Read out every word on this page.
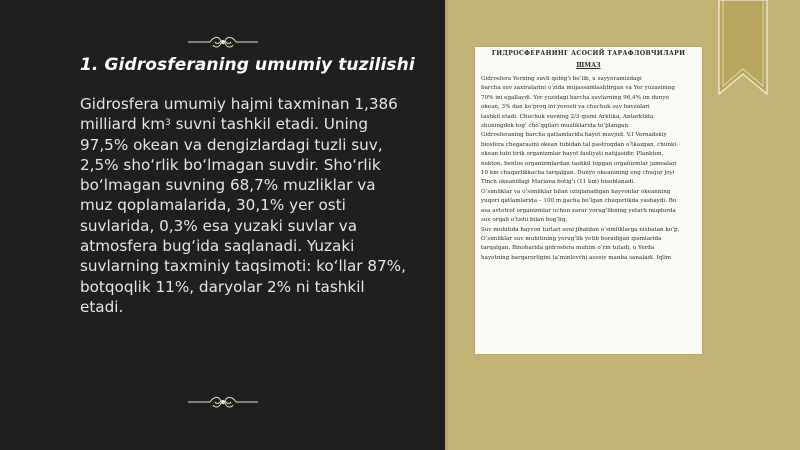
1. Gidrosferaning umumiy tuzilishi

Gidrosfera umumiy hajmi taxminan 1,386 milliard $km^3$ suvni tashkil etadi. Uning 97,5% okean va dengizlardagi tuzli suv, 2,5% sho‘rlik bo‘lmagan suvdir. Sho‘rlik bo‘lmagan suvning 68,7% muzliklar va muz qoplamalarida, 30,1% yer osti suvlarida, 0,3% esa yuzaki suvlar va atmosfera bug‘ida saqlanadi. Yuzaki suvlarning taxminiy taqsimoti: ko‘llar 87%, botqoqlik 11%, daryolar 2% ni tashkil etadi.

ГИДРОСФЕРАНИНГ АСОСИЙ ТАРАФЛОВЧИЛАРИ
ШМАЗ
Gidrosfera Yerning suvli qobig‘i bo‘lib, u sayyoramizdagi
barcha suv zaxiralarini o‘zida mujassamlashtirgan va Yer yuzasining
70% ini egallaydi. Yer yuzidagi barcha suvlarning 96,4% im dunyo
okean, 3% dan ko‘proq ini yerosti va chuchuk suv havzalari
tashkil etadi. Chuchuk suvning 2/3 qismi Arktika, Antarktida,
shuningdek tog‘ cho‘qqilari muzliklarida to‘plangan.
Gidrosferaning barcha qatlamlarida hayot mavjud. V.I Vernadskiy
biosfera chegarasini okean tubidan tal pastroqdan o‘tkazgan, chunki
okean tubi tirik organizmlar hayot faoliyati natijasidir. Plankton,
nekton, bentos organizmlardan tashkil topgan organizmlar jamoalari
10 km chuqurlikkacha tarqalgan. Dunyo okeanining eng chuqur joyi
Tinch okeanidagi Mariana botig‘i (11 km) hisoblanadi.
O‘simliklar va o‘simliklar bilan oziqlanadigan hayvonlar okeanning
yuqori qatlamlarida – 100 m gacha bo‘lgan chuqurlikda yashaydi. Bu
esa avtotrof organizmlar uchun zarur yorug‘likning yetarli miqdorda
suv orqali o‘tishi bilan bog‘liq.
Suv muhitida hayvon turlari soni jihatdan o‘simliklarga nisbatan ko‘p.
O‘simliklar suv muhitining yorug‘lik yetib boradigan qismlarida
tarqalgan. Binobarida gidrosfera muhim o‘rin tutadi, u Yerda
hayotning barqarorligini ta’minlovchi asosiy manba sanaladi. Iqlim
